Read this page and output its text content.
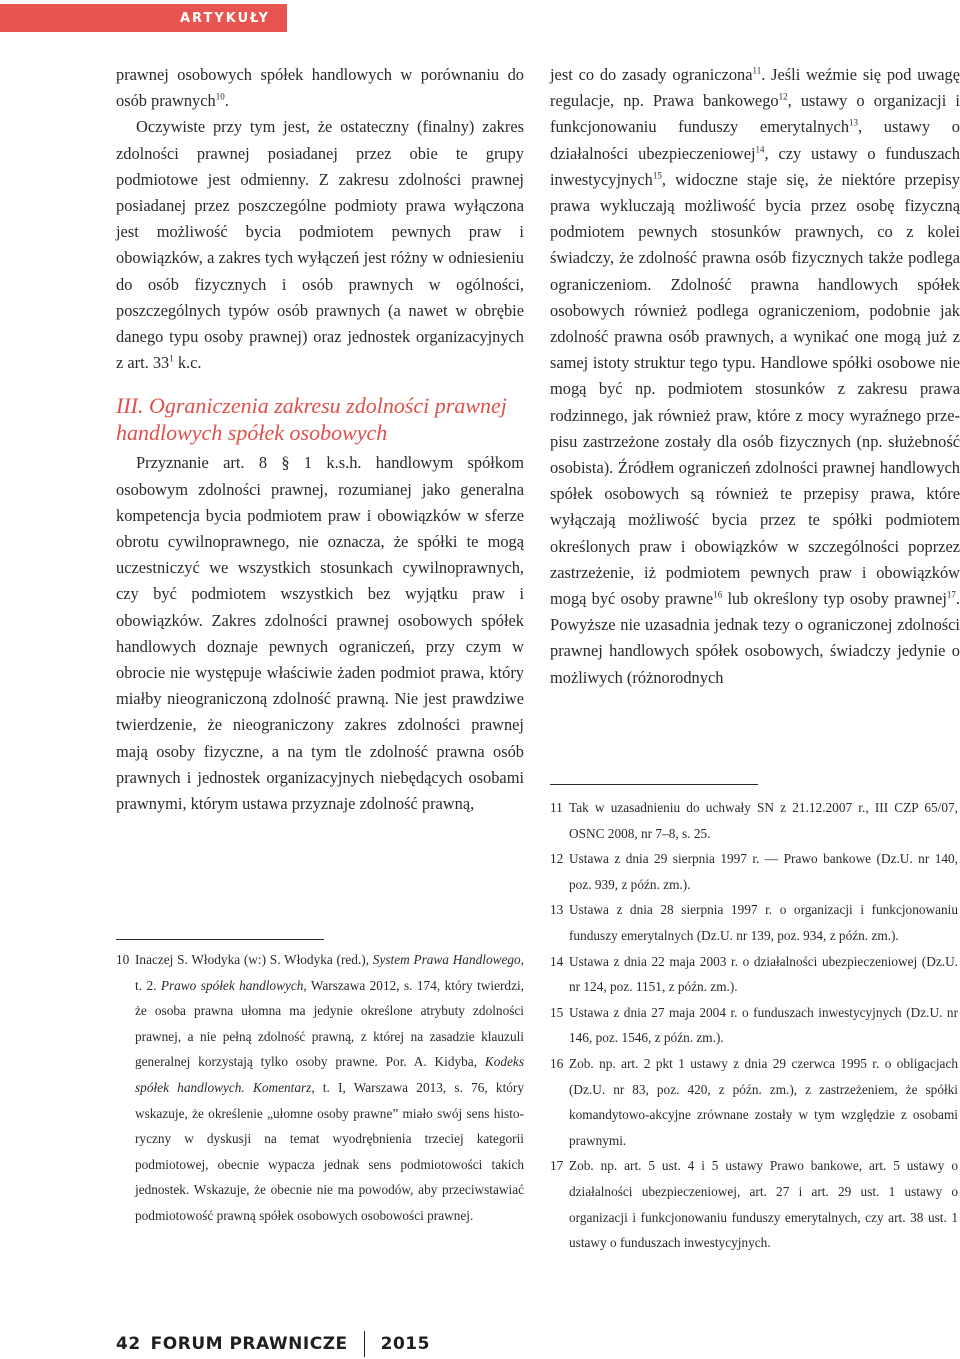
ARTYKUŁY

prawnej osobowych spółek handlowych w porównaniu do osób prawnych$^{10}$.

Oczywiste przy tym jest, że ostateczny (finalny) zakres zdolności prawnej posiadanej przez obie te grupy podmiotowe jest odmienny. Z zakresu zdolności prawnej posiadanej przez poszczególne podmioty prawa wyłączona jest możliwość bycia podmiotem pewnych praw i obowiązków, a zakres tych wyłączeń jest różny w odniesieniu do osób fizycznych i osób prawnych w ogólności, poszczególnych typów osób prawnych (a nawet w obrębie danego typu osoby prawnej) oraz jednostek organizacyjnych z art. $33^1$ k.c.

III. Ograniczenia zakresu zdolności prawnej handlowych spółek osobowych

Przyznanie art. 8 § 1 k.s.h. handlowym spółkom osobowym zdolności prawnej, rozumianej jako generalna kompetencja bycia podmiotem praw i obowiązków w sferze obrotu cywilnoprawnego, nie oznacza, że spółki te mogą uczestniczyć we wszystkich stosunkach cywilnoprawnych, czy być podmiotem wszystkich bez wyjątku praw i obowiązków. Zakres zdolności prawnej osobowych spółek handlowych doznaje pewnych ograniczeń, przy czym w obrocie nie występuje właściwie żaden podmiot prawa, który miałby nieograniczoną zdolność prawną. Nie jest prawdziwe twierdzenie, że nieograniczony zakres zdolności prawnej mają osoby fizyczne, a na tym tle zdolność prawna osób prawnych i jednostek organizacyjnych niebędących osobami prawnymi, którym ustawa przyznaje zdolność prawną,

jest co do zasady ograniczona$^{11}$. Jeśli weźmie się pod uwagę regulacje, np. Prawa bankowego$^{12}$, ustawy o organizacji i funkcjonowaniu funduszy emerytalnych$^{13}$, ustawy o działalności ubezpieczeniowej$^{14}$, czy ustawy o funduszach inwestycyjnych$^{15}$, widoczne staje się, że niektóre przepisy prawa wykluczają możliwość bycia przez osobę fizyczną podmiotem pewnych stosunków prawnych, co z kolei świadczy, że zdolność prawna osób fizycznych także podlega ograniczeniom. Zdolność prawna handlowych spółek osobowych również podlega ograniczeniom, podobnie jak zdolność prawna osób prawnych, a wynikać one mogą już z samej istoty struktur tego typu. Handlowe spółki osobowe nie mogą być np. podmiotem stosunków z zakresu prawa rodzinnego, jak również praw, które z mocy wyraźnego przepisu zastrzeżone zostały dla osób fizycznych (np. służebność osobista). Źródłem ograniczeń zdolności prawnej handlowych spółek osobowych są również te przepisy prawa, które wyłączają możliwość bycia przez te spółki podmiotem określonych praw i obowiązków w szczególności poprzez zastrzeżenie, iż podmiotem pewnych praw i obowiązków mogą być osoby prawne$^{16}$ lub określony typ osoby prawnej$^{17}$. Powyższe nie uzasadnia jednak tezy o ograniczonej zdolności prawnej handlowych spółek osobowych, świadczy jedynie o możliwych (różnorodnych

10 Inaczej S. Włodyka (w:) S. Włodyka (red.), System Prawa Handlowego, t. 2. Prawo spółek handlowych, Warszawa 2012, s. 174, który twierdzi, że osoba prawna ułomna ma jedynie określone atrybuty zdolności prawnej, a nie pełną zdolność prawną, z której na zasadzie klauzuli generalnej korzystają tylko osoby prawne. Por. A. Kidyba, Kodeks spółek handlowych. Komentarz, t. I, Warszawa 2013, s. 76, który wskazuje, że określenie „ułomne osoby prawne” miało swój sens historyczny w dyskusji na temat wyodrębnienia trzeciej kategorii podmiotowej, obecnie wypacza jednak sens podmiotowości takich jednostek. Wskazuje, że obecnie nie ma powodów, aby przeciwstawiać podmiotowość prawną spółek osobowych osobowości prawnej.
11 Tak w uzasadnieniu do uchwały SN z 21.12.2007 r., III CZP 65/07, OSNC 2008, nr 7–8, s. 25.
12 Ustawa z dnia 29 sierpnia 1997 r. — Prawo bankowe (Dz.U. nr 140, poz. 939, z późn. zm.).
13 Ustawa z dnia 28 sierpnia 1997 r. o organizacji i funkcjonowaniu funduszy emerytalnych (Dz.U. nr 139, poz. 934, z późn. zm.).
14 Ustawa z dnia 22 maja 2003 r. o działalności ubezpieczeniowej (Dz.U. nr 124, poz. 1151, z późn. zm.).
15 Ustawa z dnia 27 maja 2004 r. o funduszach inwestycyjnych (Dz.U. nr 146, poz. 1546, z późn. zm.).
16 Zob. np. art. 2 pkt 1 ustawy z dnia 29 czerwca 1995 r. o obligacjach (Dz.U. nr 83, poz. 420, z późn. zm.), z zastrzeżeniem, że spółki komandytowo-akcyjne zrównane zostały w tym względzie z osobami prawnymi.
17 Zob. np. art. 5 ust. 4 i 5 ustawy Prawo bankowe, art. 5 ustawy o działalności ubezpieczeniowej, art. 27 i art. 29 ust. 1 ustawy o organizacji i funkcjonowaniu funduszy emerytalnych, czy art. 38 ust. 1 ustawy o funduszach inwestycyjnych.
42 FORUM PRAWNICZE 2015
